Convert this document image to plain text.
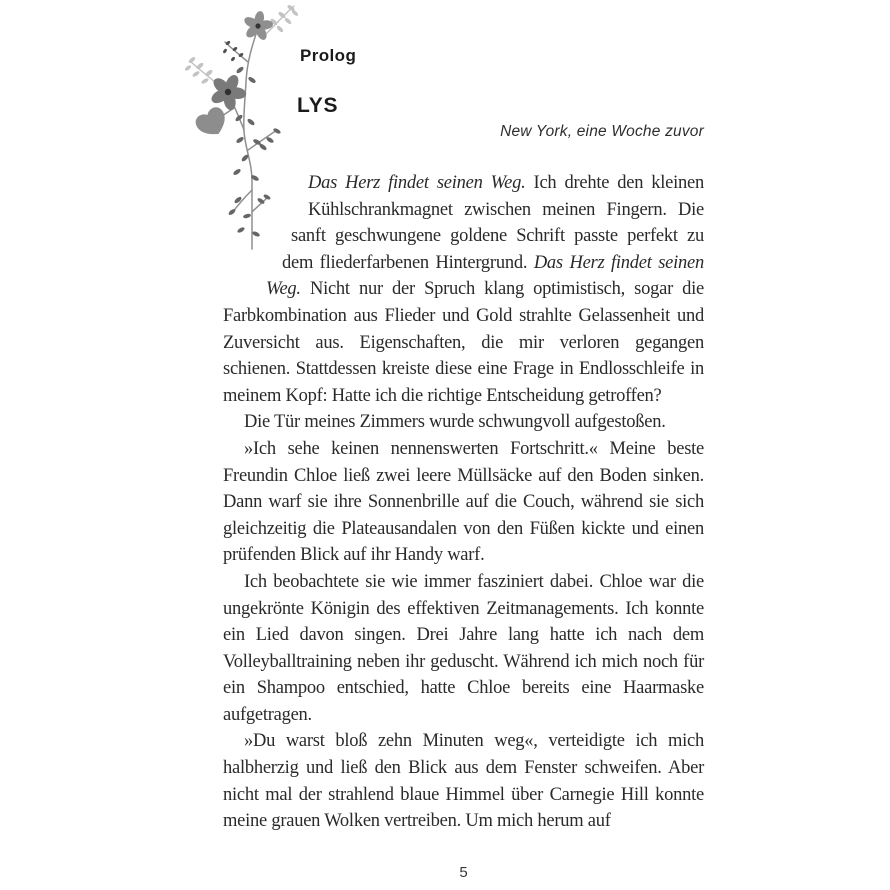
Prolog
LYS
New York, eine Woche zuvor

Das Herz findet seinen Weg. Ich drehte den kleinen Kühlschrankmagnet zwischen meinen Fingern. Die sanft geschwungene goldene Schrift passte perfekt zu dem fliederfarbenen Hintergrund. Das Herz findet seinen Weg. Nicht nur der Spruch klang optimistisch, sogar die Farbkombination aus Flieder und Gold strahlte Gelassenheit und Zuversicht aus. Eigenschaften, die mir verloren gegangen schienen. Stattdessen kreiste diese eine Frage in Endlosschleife in meinem Kopf: Hatte ich die richtige Entscheidung getroffen?

Die Tür meines Zimmers wurde schwungvoll aufgestoßen.

»Ich sehe keinen nennenswerten Fortschritt.« Meine beste Freundin Chloe ließ zwei leere Müllsäcke auf den Boden sinken. Dann warf sie ihre Sonnenbrille auf die Couch, während sie sich gleichzeitig die Plateausandalen von den Füßen kickte und einen prüfenden Blick auf ihr Handy warf.

Ich beobachtete sie wie immer fasziniert dabei. Chloe war die ungekrönte Königin des effektiven Zeitmanagements. Ich konnte ein Lied davon singen. Drei Jahre lang hatte ich nach dem Volleyballtraining neben ihr geduscht. Während ich mich noch für ein Shampoo entschied, hatte Chloe bereits eine Haarmaske aufgetragen.

»Du warst bloß zehn Minuten weg«, verteidigte ich mich halbherzig und ließ den Blick aus dem Fenster schweifen. Aber nicht mal der strahlend blaue Himmel über Carnegie Hill konnte meine grauen Wolken vertreiben. Um mich herum auf

5
